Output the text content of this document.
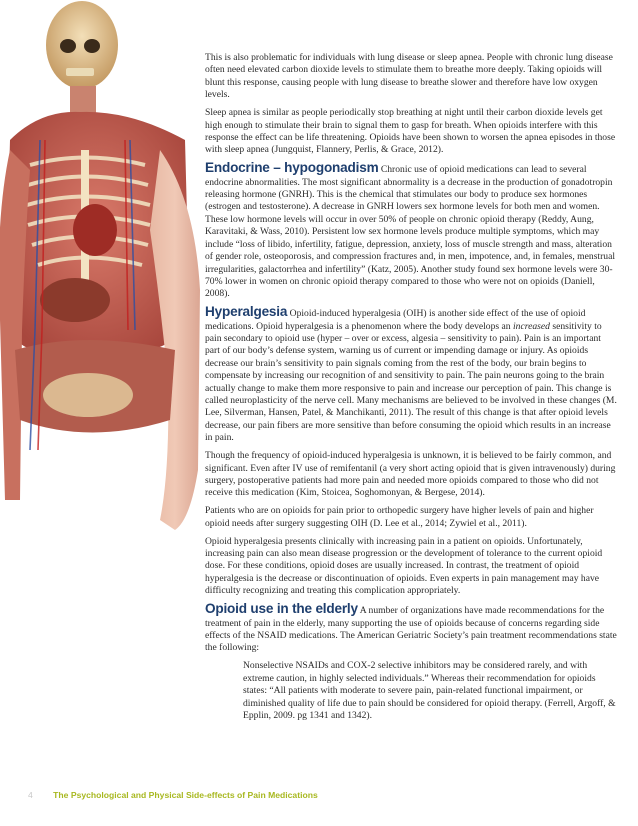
This is also problematic for individuals with lung disease or sleep apnea. People with chronic lung disease often need elevated carbon dioxide levels to stimulate them to breathe more deeply. Taking opioids will blunt this response, causing people with lung disease to breathe slower and therefore have low oxygen levels.

Sleep apnea is similar as people periodically stop breathing at night until their carbon dioxide levels get high enough to stimulate their brain to signal them to gasp for breath. When opioids interfere with this response the effect can be life threatening. Opioids have been shown to worsen the apnea episodes in those with sleep apnea (Jungquist, Flannery, Perlis, & Grace, 2012).

Endocrine – hypogonadism Chronic use of opioid medications can lead to several endocrine abnormalities. The most significant abnormality is a decrease in the production of gonadotropin releasing hormone (GNRH). This is the chemical that stimulates our body to produce sex hormones (estrogen and testosterone). A decrease in GNRH lowers sex hormone levels for both men and women. These low hormone levels will occur in over 50% of people on chronic opioid therapy (Reddy, Aung, Karavitaki, & Wass, 2010). Persistent low sex hormone levels produce multiple symptoms, which may include “loss of libido, infertility, fatigue, depression, anxiety, loss of muscle strength and mass, alteration of gender role, osteoporosis, and compression fractures and, in men, impotence, and, in females, menstrual irregularities, galactorrhea and infertility” (Katz, 2005). Another study found sex hormone levels were 30-70% lower in women on chronic opioid therapy compared to those who were not on opioids (Daniell, 2008).

Hyperalgesia Opioid-induced hyperalgesia (OIH) is another side effect of the use of opioid medications. Opioid hyperalgesia is a phenomenon where the body develops an increased sensitivity to pain secondary to opioid use (hyper – over or excess, algesia – sensitivity to pain). Pain is an important part of our body’s defense system, warning us of current or impending damage or injury. As opioids decrease our brain’s sensitivity to pain signals coming from the rest of the body, our brain begins to compensate by increasing our recognition of and sensitivity to pain. The pain neurons going to the brain actually change to make them more responsive to pain and increase our perception of pain. This change is called neuroplasticity of the nerve cell. Many mechanisms are believed to be involved in these changes (M. Lee, Silverman, Hansen, Patel, & Manchikanti, 2011). The result of this change is that after opioid levels decrease, our pain fibers are more sensitive than before consuming the opioid which results in an increase in pain.

Though the frequency of opioid-induced hyperalgesia is unknown, it is believed to be fairly common, and significant. Even after IV use of remifentanil (a very short acting opioid that is given intravenously) during surgery, postoperative patients had more pain and needed more opioids compared to those who did not receive this medication (Kim, Stoicea, Soghomonyan, & Bergese, 2014).

Patients who are on opioids for pain prior to orthopedic surgery have higher levels of pain and higher opioid needs after surgery suggesting OIH (D. Lee et al., 2014; Zywiel et al., 2011).

Opioid hyperalgesia presents clinically with increasing pain in a patient on opioids. Unfortunately, increasing pain can also mean disease progression or the development of tolerance to the current opioid dose. For these conditions, opioid doses are usually increased. In contrast, the treatment of opioid hyperalgesia is the decrease or discontinuation of opioids. Even experts in pain management may have difficulty recognizing and treating this complication appropriately.

Opioid use in the elderly A number of organizations have made recommendations for the treatment of pain in the elderly, many supporting the use of opioids because of concerns regarding side effects of the NSAID medications. The American Geriatric Society’s pain treatment recommendations state the following:

Nonselective NSAIDs and COX-2 selective inhibitors may be considered rarely, and with extreme caution, in highly selected individuals.” Whereas their recommendation for opioids states: “All patients with moderate to severe pain, pain-related functional impairment, or diminished quality of life due to pain should be considered for opioid therapy. (Ferrell, Argoff, & Epplin, 2009. pg 1341 and 1342).

4 The Psychological and Physical Side-effects of Pain Medications
